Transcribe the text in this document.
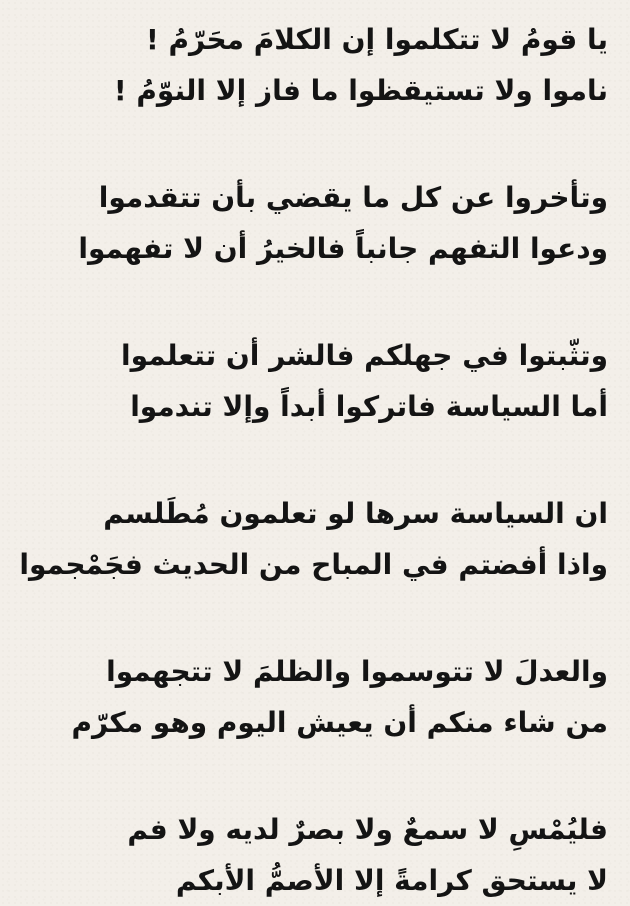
يا قومُ لا تتكلموا إن الكلامَ محَرّمُ !
ناموا ولا تستيقظوا ما فاز إلا النوّمُ !
وتأخروا عن كل ما يقضي بأن تتقدموا
ودعوا التفهم جانباً فالخيرُ أن لا تفهموا
وتثّبتوا في جهلكم فالشر أن تتعلموا
أما السياسة فاتركوا أبداً وإلا تندموا
ان السياسة سرها لو تعلمون مُطَلسم
واذا أفضتم في المباح من الحديث فجَمْجموا
والعدلَ لا تتوسموا والظلمَ لا تتجهموا
من شاء منكم أن يعيش اليوم وهو مكرّم
فليُمْسِ لا سمعٌ ولا بصرٌ لديه ولا فم
لا يستحق كرامةً إلا الأصمُّ الأبكم
